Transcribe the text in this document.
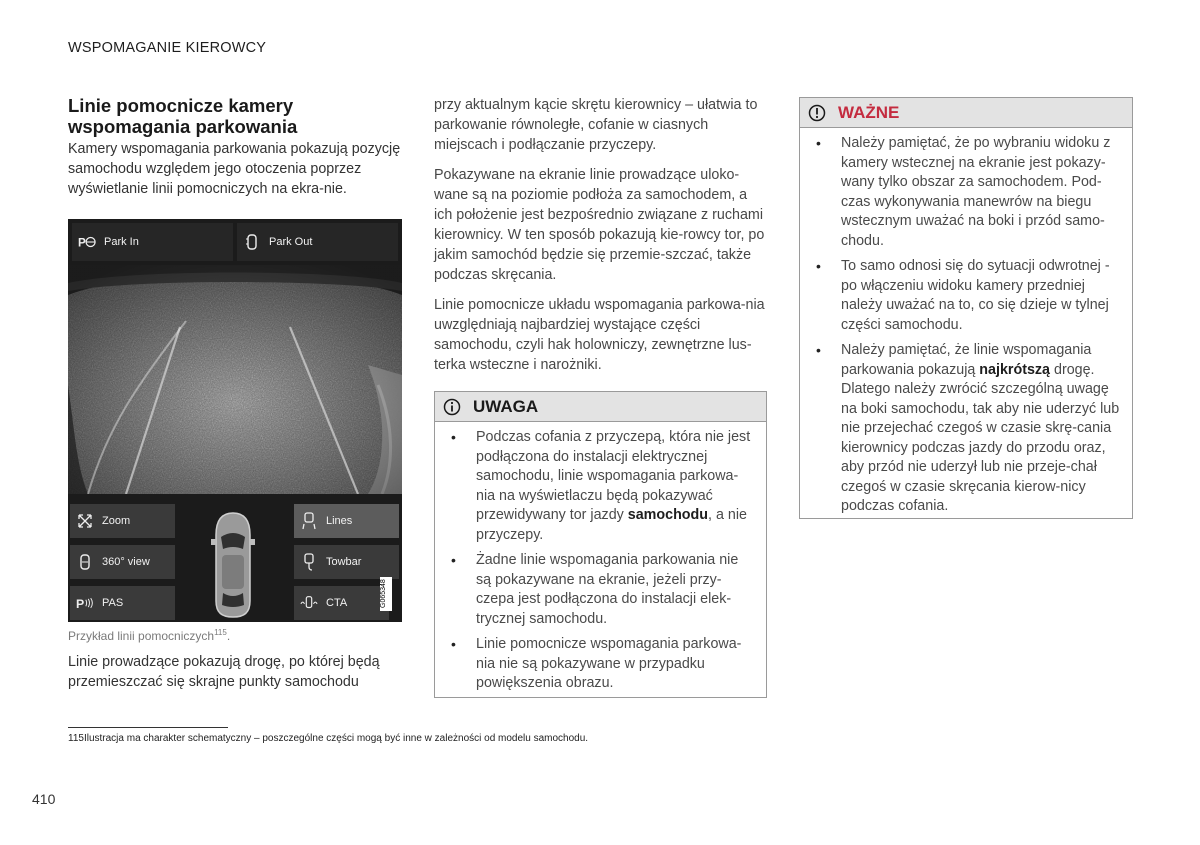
WSPOMAGANIE KIEROWCY
Linie pomocnicze kamery
wspomagania parkowania

Kamery wspomagania parkowania pokazują pozycję samochodu względem jego otoczenia poprzez wyświetlanie linii pomocniczych na ekra-nie.

P Park In	Park Out
Zoom
360° view
P PAS
Lines
Towbar
CTA	G065348
Przykład linii pomocniczych$^{115}$.

Linie prowadzące pokazują drogę, po której będą przemieszczać się skrajne punkty samochodu

przy aktualnym kącie skrętu kierownicy – ułatwia to parkowanie równoległe, cofanie w ciasnych miejscach i podłączanie przyczepy.

Pokazywane na ekranie linie prowadzące uloko-wane są na poziomie podłoża za samochodem, a ich położenie jest bezpośrednio związane z ruchami kierownicy. W ten sposób pokazują kie-rowcy tor, po jakim samochód będzie się przemie-szczać, także podczas skręcania.

Linie pomocnicze układu wspomagania parkowa-nia uwzględniają najbardziej wystające części samochodu, czyli hak holowniczy, zewnętrzne lus-terka wsteczne i narożniki.

UWAGA
• Podczas cofania z przyczepą, która nie jest podłączona do instalacji elektrycznej samochodu, linie wspomagania parkowa-nia na wyświetlaczu będą pokazywać przewidywany tor jazdy samochodu, a nie przyczepy.
• Żadne linie wspomagania parkowania nie są pokazywane na ekranie, jeżeli przy-czepa jest podłączona do instalacji elek-trycznej samochodu.
• Linie pomocnicze wspomagania parkowa-nia nie są pokazywane w przypadku powiększenia obrazu.
WAŻNE
• Należy pamiętać, że po wybraniu widoku z kamery wstecznej na ekranie jest pokazy-wany tylko obszar za samochodem. Pod-czas wykonywania manewrów na biegu wstecznym uważać na boki i przód samo-chodu.
• To samo odnosi się do sytuacji odwrotnej - po włączeniu widoku kamery przedniej należy uważać na to, co się dzieje w tylnej części samochodu.
• Należy pamiętać, że linie wspomagania parkowania pokazują najkrótszą drogę. Dlatego należy zwrócić szczególną uwagę na boki samochodu, tak aby nie uderzyć lub nie przejechać czegoś w czasie skrę-cania kierownicy podczas jazdy do przodu oraz, aby przód nie uderzył lub nie przeje-chał czegoś w czasie skręcania kierow-nicy podczas cofania.
115Ilustracja ma charakter schematyczny – poszczególne części mogą być inne w zależności od modelu samochodu.
410
